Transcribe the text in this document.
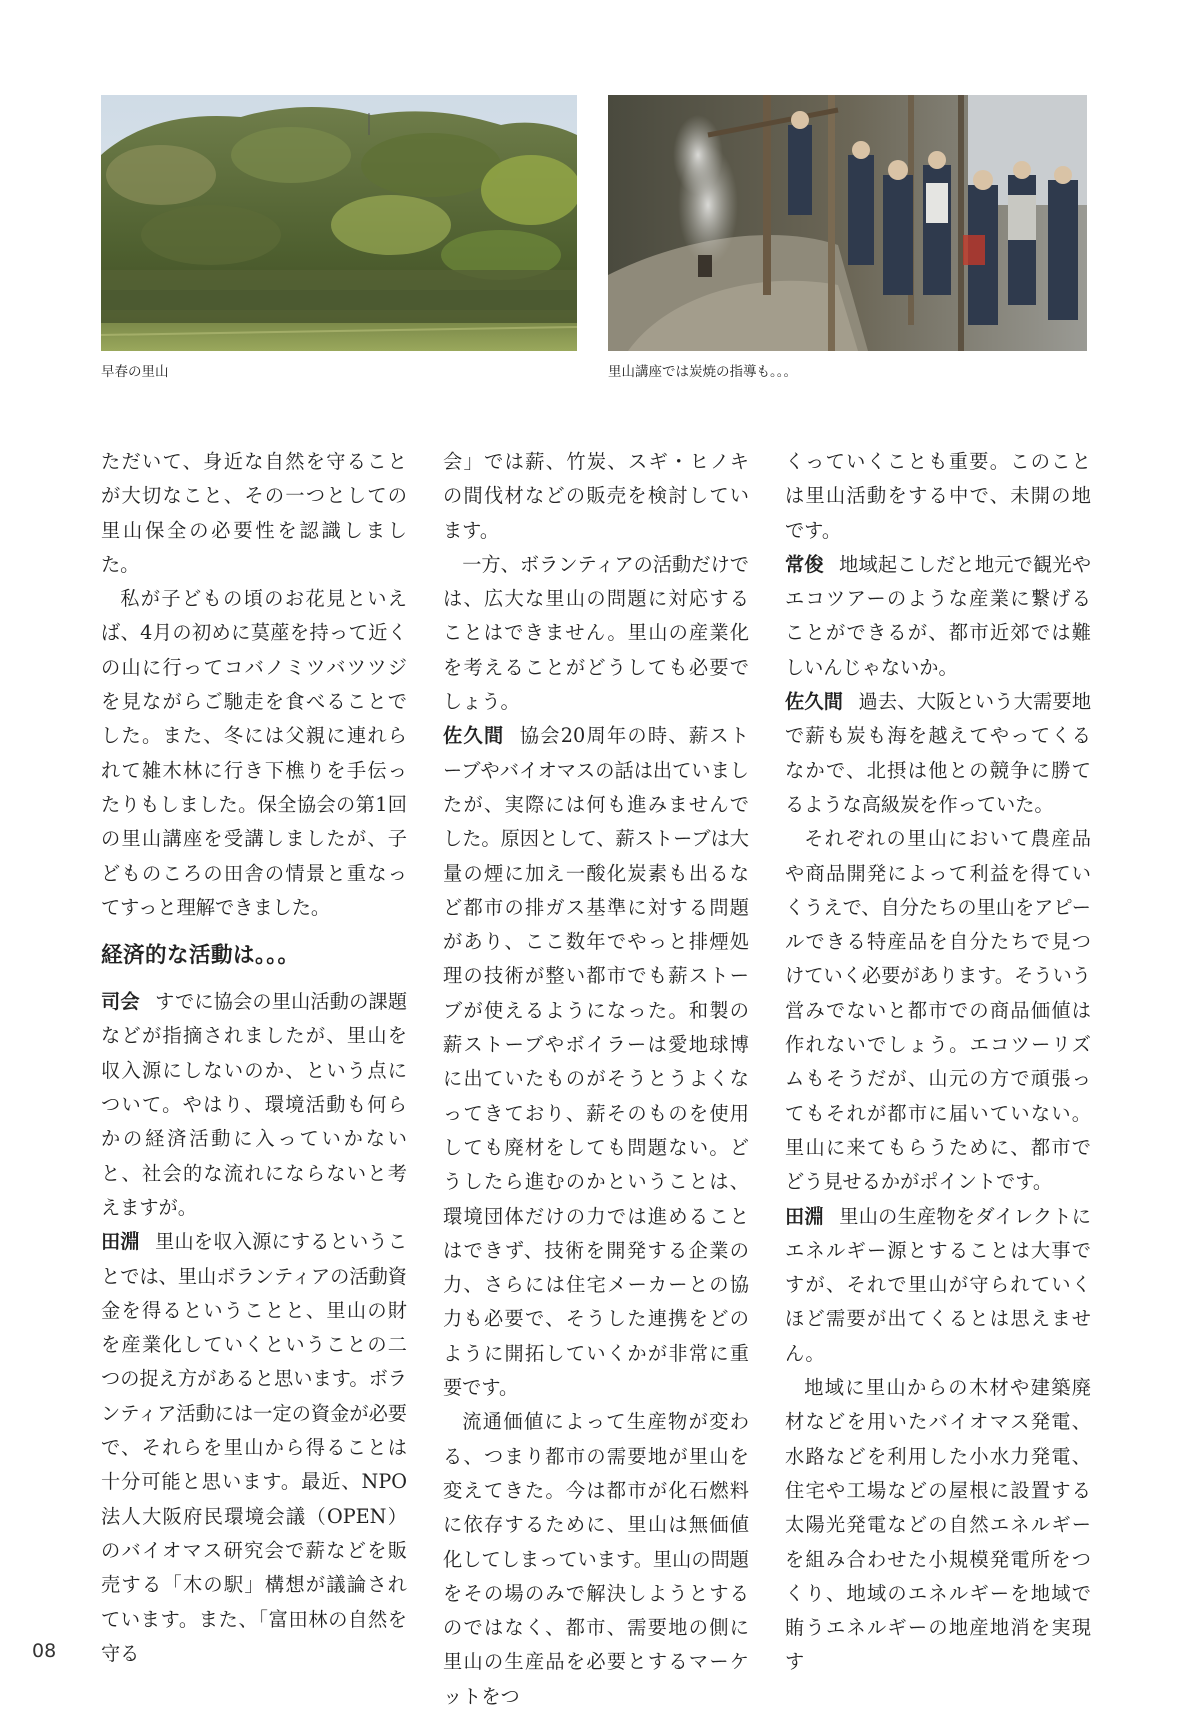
早春の里山	里山講座では炭焼の指導も。。。

ただいて、身近な自然を守ることが大切なこと、その一つとしての里山保全の必要性を認識しました。

私が子どもの頃のお花見といえば、4月の初めに茣蓙を持って近くの山に行ってコバノミツバツツジを見ながらご馳走を食べることでした。また、冬には父親に連れられて雑木林に行き下樵りを手伝ったりもしました。保全協会の第1回の里山講座を受講しましたが、子どものころの田舎の情景と重なってすっと理解できました。

経済的な活動は。。。

司会 すでに協会の里山活動の課題などが指摘されましたが、里山を収入源にしないのか、という点について。やはり、環境活動も何らかの経済活動に入っていかないと、社会的な流れにならないと考えますが。

田淵 里山を収入源にするということでは、里山ボランティアの活動資金を得るということと、里山の財を産業化していくということの二つの捉え方があると思います。ボランティア活動には一定の資金が必要で、それらを里山から得ることは十分可能と思います。最近、NPO法人大阪府民環境会議（OPEN）のバイオマス研究会で薪などを販売する「木の駅」構想が議論されています。また、「富田林の自然を守る

会」では薪、竹炭、スギ・ヒノキの間伐材などの販売を検討しています。

一方、ボランティアの活動だけでは、広大な里山の問題に対応することはできません。里山の産業化を考えることがどうしても必要でしょう。

佐久間 協会20周年の時、薪ストーブやバイオマスの話は出ていましたが、実際には何も進みませんでした。原因として、薪ストーブは大量の煙に加え一酸化炭素も出るなど都市の排ガス基準に対する問題があり、ここ数年でやっと排煙処理の技術が整い都市でも薪ストーブが使えるようになった。和製の薪ストーブやボイラーは愛地球博に出ていたものがそうとうよくなってきており、薪そのものを使用しても廃材をしても問題ない。どうしたら進むのかということは、環境団体だけの力では進めることはできず、技術を開発する企業の力、さらには住宅メーカーとの協力も必要で、そうした連携をどのように開拓していくかが非常に重要です。

流通価値によって生産物が変わる、つまり都市の需要地が里山を変えてきた。今は都市が化石燃料に依存するために、里山は無価値化してしまっています。里山の問題をその場のみで解決しようとするのではなく、都市、需要地の側に里山の生産品を必要とするマーケットをつ

くっていくことも重要。このことは里山活動をする中で、未開の地です。

常俊 地域起こしだと地元で観光やエコツアーのような産業に繋げることができるが、都市近郊では難しいんじゃないか。

佐久間 過去、大阪という大需要地で薪も炭も海を越えてやってくるなかで、北摂は他との競争に勝てるような高級炭を作っていた。

それぞれの里山において農産品や商品開発によって利益を得ていくうえで、自分たちの里山をアピールできる特産品を自分たちで見つけていく必要があります。そういう営みでないと都市での商品価値は作れないでしょう。エコツーリズムもそうだが、山元の方で頑張ってもそれが都市に届いていない。里山に来てもらうために、都市でどう見せるかがポイントです。

田淵 里山の生産物をダイレクトにエネルギー源とすることは大事ですが、それで里山が守られていくほど需要が出てくるとは思えません。

地域に里山からの木材や建築廃材などを用いたバイオマス発電、水路などを利用した小水力発電、住宅や工場などの屋根に設置する太陽光発電などの自然エネルギーを組み合わせた小規模発電所をつくり、地域のエネルギーを地域で賄うエネルギーの地産地消を実現す

08
